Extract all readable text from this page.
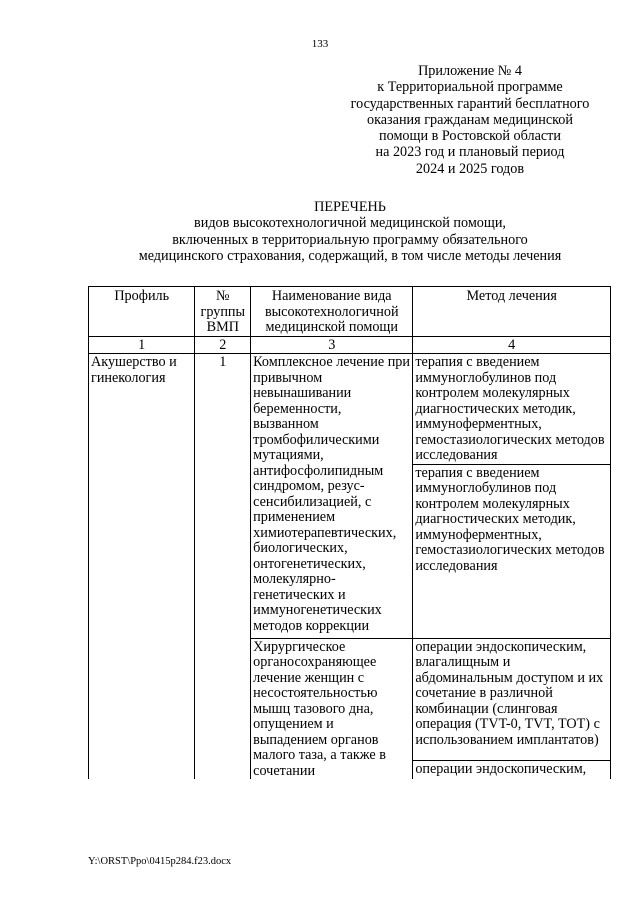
133
Приложение № 4
к Территориальной программе
государственных гарантий бесплатного
оказания гражданам медицинской
помощи в Ростовской области
на 2023 год и плановый период
2024 и 2025 годов
ПЕРЕЧЕНЬ
видов высокотехнологичной медицинской помощи,
включенных в территориальную программу обязательного
медицинского страхования, содержащий, в том числе методы лечения
Профиль	№ группы ВМП	Наименование вида высокотехнологичной медицинской помощи	Метод лечения
1	2	3	4
Акушерство и гинекология	1	Комплексное лечение при привычном невынашивании беременности, вызванном тромбофилическими мутациями, антифосфолипидным синдромом, резус-сенсибилизацией, с применением химиотерапевтических, биологических, онтогенетических, молекулярно-генетических и иммуногенетических методов коррекции	терапия с введением иммуноглобулинов под контролем молекулярных диагностических методик, иммуноферментных, гемостазиологических методов исследования
			терапия с введением иммуноглобулинов под контролем молекулярных диагностических методик, иммуноферментных, гемостазиологических методов исследования
		Хирургическое органосохраняющее лечение женщин с несостоятельностью мышц тазового дна, опущением и выпадением органов малого таза, а также в сочетании	операции эндоскопическим, влагалищным и абдоминальным доступом и их сочетание в различной комбинации (слинговая операция (TVT-0, TVT, TOT) с использованием имплантатов)
			операции эндоскопическим,
Y:\ORST\Ppo\0415p284.f23.docx
